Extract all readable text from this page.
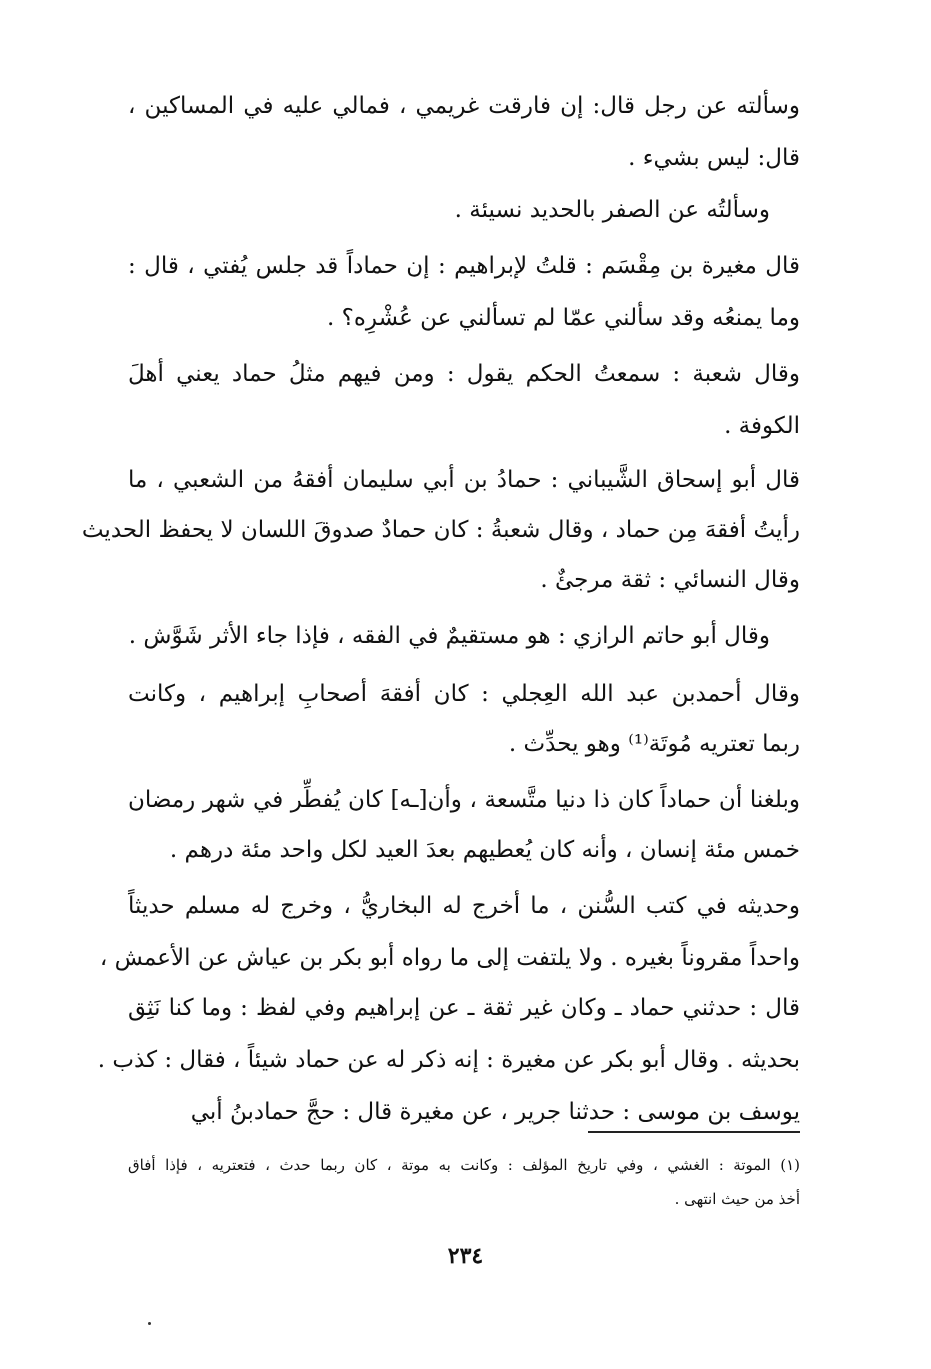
وسألته عن رجل قال: إن فارقت غريمي ، فمالي عليه في المساكين ،
قال: ليس بشيء .
وسألتُه عن الصفر بالحديد نسيئة .
قال مغيرة بن مِقْسَم : قلتُ لإبراهيم : إن حماداً قد جلس يُفتي ، قال :
وما يمنعُه وقد سألني عمّا لم تسألني عن عُشْرِه؟ .
وقال شعبة : سمعتُ الحكم يقول : ومن فيهم مثلُ حماد يعني أهلَ
الكوفة .
قال أبو إسحاق الشَّيباني : حمادُ بن أبي سليمان أفقهُ من الشعبي ، ما
رأيتُ أفقهَ مِن حماد ، وقال شعبةُ : كان حمادٌ صدوقَ اللسان لا يحفظ الحديث
وقال النسائي : ثقة مرجئٌ .
وقال أبو حاتم الرازي : هو مستقيمٌ في الفقه ، فإذا جاء الأثر شَوَّش .
وقال أحمدبن عبد الله العِجلي : كان أفقهَ أصحابِ إبراهيم ، وكانت
ربما تعتريه مُوتَة⁽¹⁾ وهو يحدِّث .
وبلغنا أن حماداً كان ذا دنيا متَّسعة ، وأن[ـه] كان يُفطِّر في شهر رمضان
خمس مئة إنسان ، وأنه كان يُعطيهم بعدَ العيد لكل واحد مئة درهم .
وحديثه في كتب السُّنن ، ما أخرج له البخاريُّ ، وخرج له مسلم حديثاً
واحداً مقروناً بغيره . ولا يلتفت إلى ما رواه أبو بكر بن عياش عن الأعمش ،
قال : حدثني حماد ـ وكان غير ثقة ـ عن إبراهيم وفي لفظ : وما كنا نَثِق
بحديثه . وقال أبو بكر عن مغيرة : إنه ذكر له عن حماد شيئاً ، فقال : كذب .
يوسف بن موسى : حدثنا جرير ، عن مغيرة قال : حجَّ حمادبنُ أبي
(١) الموتة : الغشي ، وفي تاريخ المؤلف : وكانت به موتة ، كان ربما حدث ، فتعتريه ، فإذا أفاق
أخذ من حيث انتهى .
٢٣٤
